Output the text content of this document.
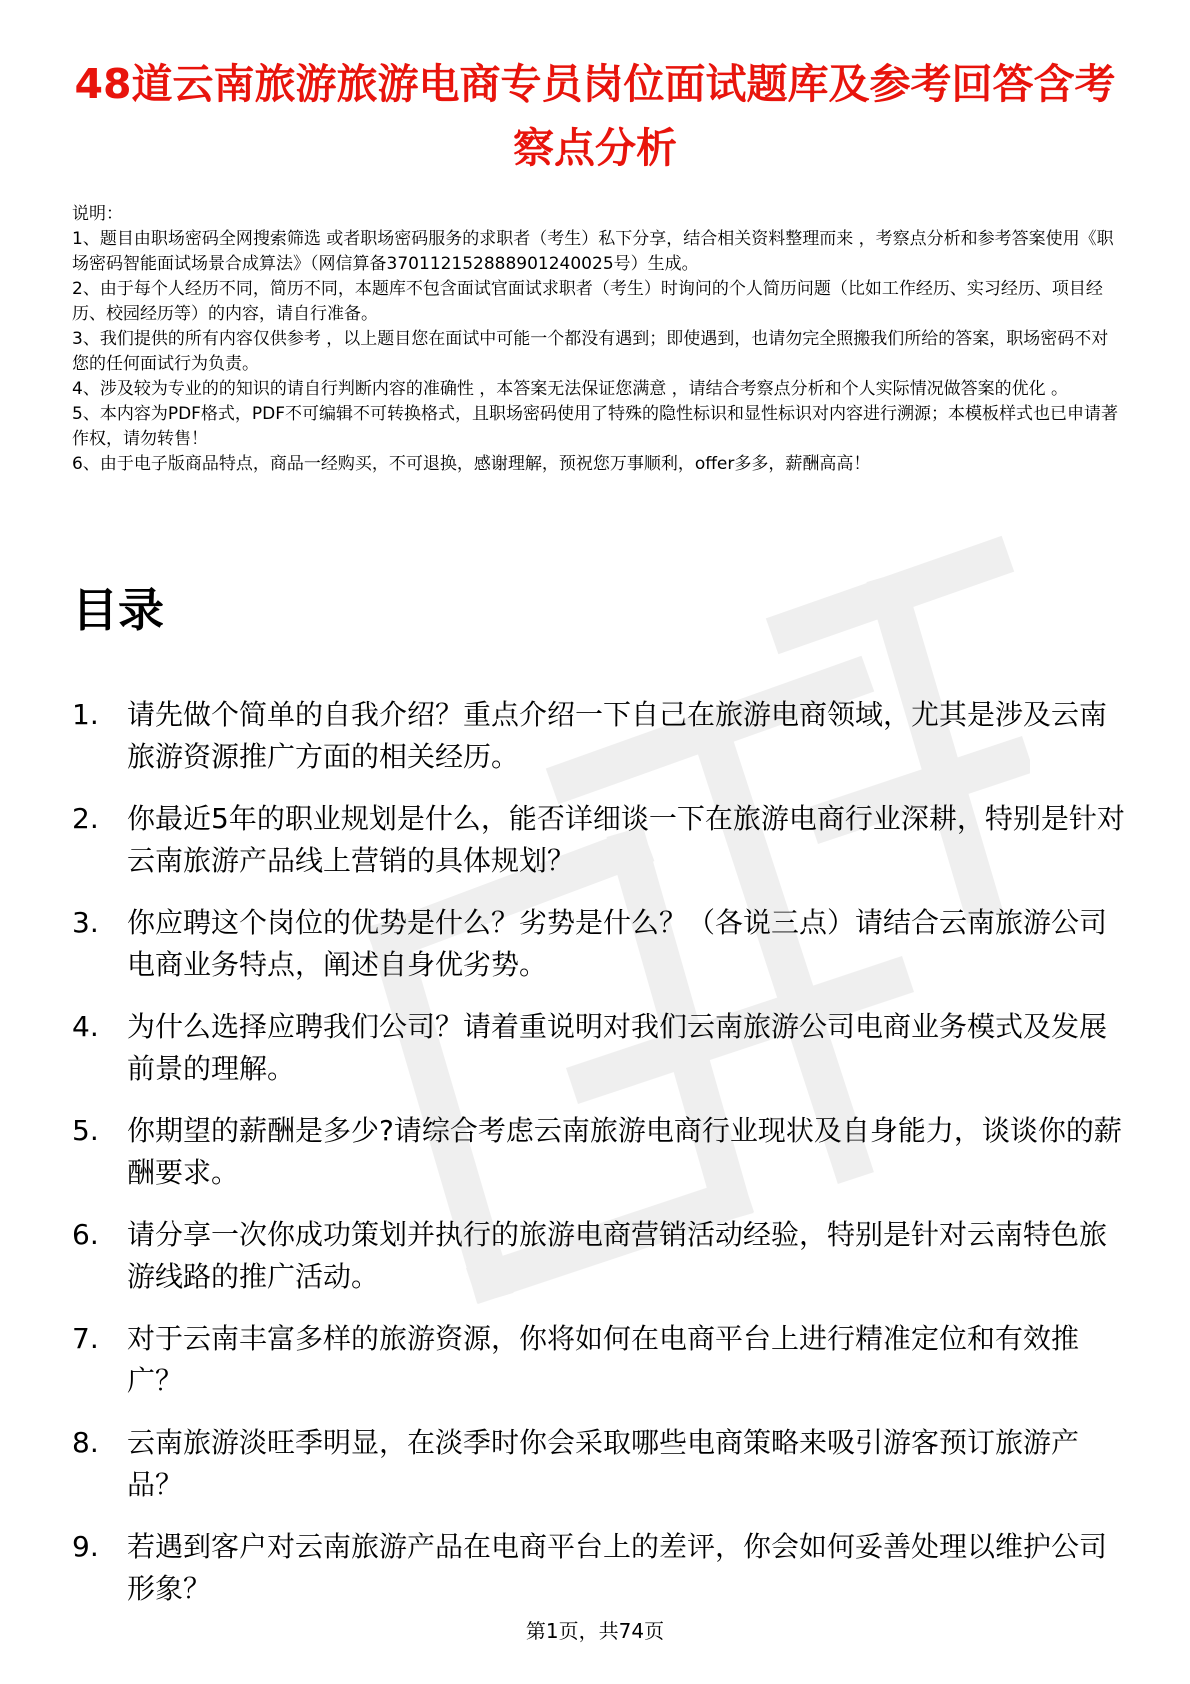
48道云南旅游旅游电商专员岗位面试题库及参考回答含考察点分析

说明：

1、题目由职场密码全网搜索筛选 或者职场密码服务的求职者（考生）私下分享，结合相关资料整理而来 ，考察点分析和参考答案使用《职场密码智能面试场景合成算法》（网信算备370112152888901240025号）生成。

2、由于每个人经历不同，简历不同，本题库不包含面试官面试求职者（考生）时询问的个人简历问题（比如工作经历、实习经历、项目经历、校园经历等）的内容，请自行准备。

3、我们提供的所有内容仅供参考 ，以上题目您在面试中可能一个都没有遇到；即使遇到，也请勿完全照搬我们所给的答案，职场密码不对您的任何面试行为负责。

4、涉及较为专业的的知识的请自行判断内容的准确性 ，本答案无法保证您满意 ，请结合考察点分析和个人实际情况做答案的优化 。

5、本内容为PDF格式，PDF不可编辑不可转换格式，且职场密码使用了特殊的隐性标识和显性标识对内容进行溯源；本模板样式也已申请著作权，请勿转售！

6、由于电子版商品特点，商品一经购买，不可退换，感谢理解，预祝您万事顺利，offer多多，薪酬高高！

目录
1.	请先做个简单的自我介绍？重点介绍一下自己在旅游电商领域，尤其是涉及云南旅游资源推广方面的相关经历。
2.	你最近5年的职业规划是什么，能否详细谈一下在旅游电商行业深耕，特别是针对云南旅游产品线上营销的具体规划？
3.	你应聘这个岗位的优势是什么？劣势是什么？（各说三点）请结合云南旅游公司电商业务特点，阐述自身优劣势。
4.	为什么选择应聘我们公司？请着重说明对我们云南旅游公司电商业务模式及发展前景的理解。
5.	你期望的薪酬是多少?请综合考虑云南旅游电商行业现状及自身能力，谈谈你的薪酬要求。
6.	请分享一次你成功策划并执行的旅游电商营销活动经验，特别是针对云南特色旅游线路的推广活动。
7.	对于云南丰富多样的旅游资源，你将如何在电商平台上进行精准定位和有效推广？
8.	云南旅游淡旺季明显，在淡季时你会采取哪些电商策略来吸引游客预订旅游产品？
9.	若遇到客户对云南旅游产品在电商平台上的差评，你会如何妥善处理以维护公司形象？
第1页，共74页
